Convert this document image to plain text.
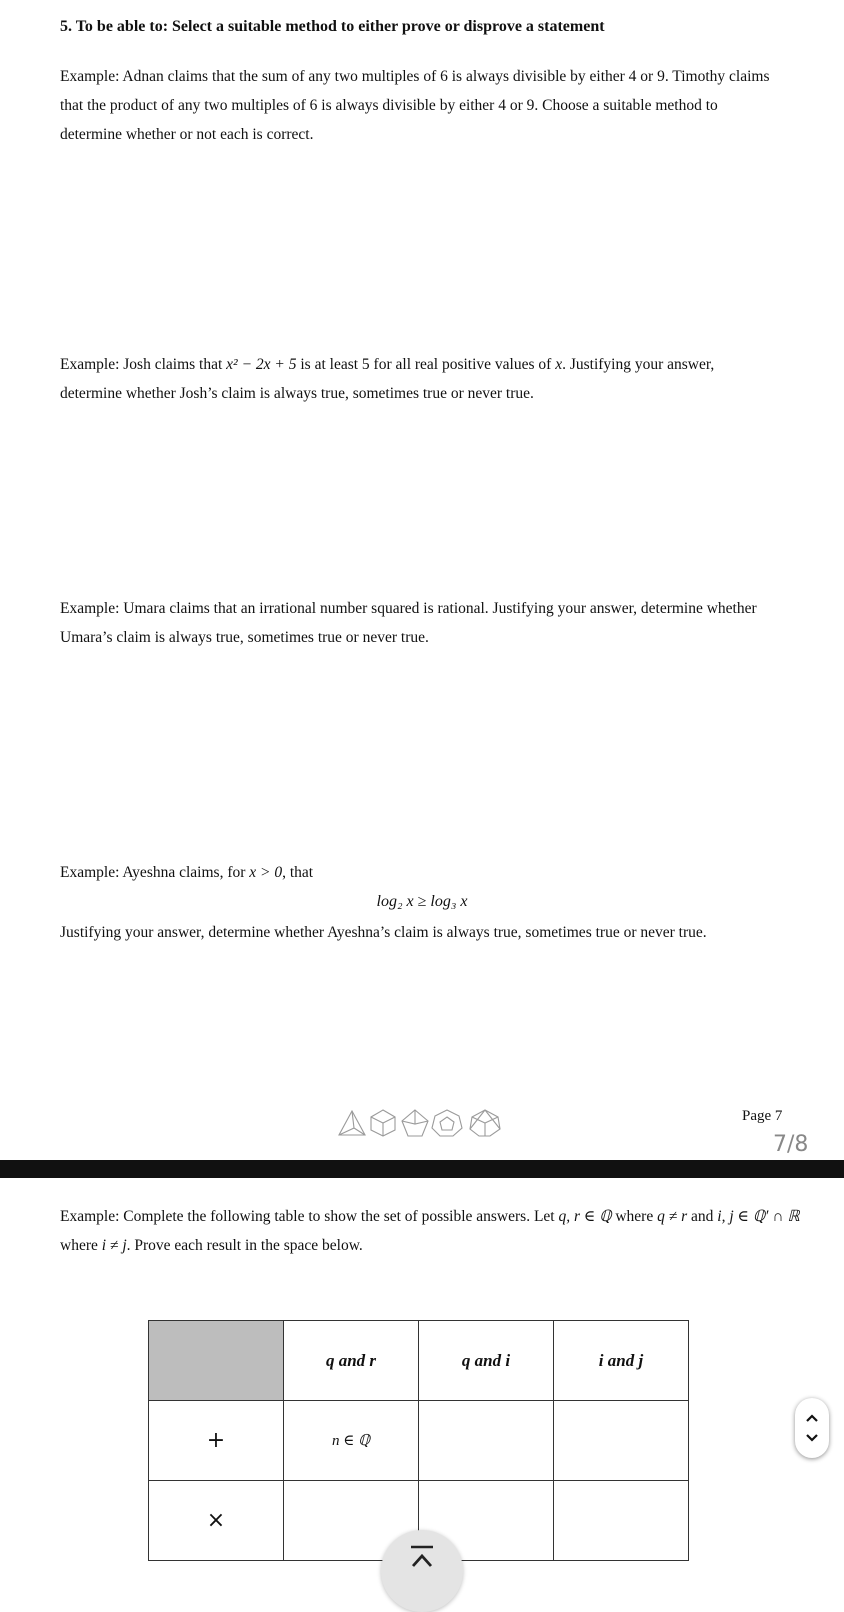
5. To be able to: Select a suitable method to either prove or disprove a statement
Example: Adnan claims that the sum of any two multiples of 6 is always divisible by either 4 or 9. Timothy claims that the product of any two multiples of 6 is always divisible by either 4 or 9. Choose a suitable method to determine whether or not each is correct.
Example: Josh claims that x² − 2x + 5 is at least 5 for all real positive values of x. Justifying your answer, determine whether Josh’s claim is always true, sometimes true or never true.
Example: Umara claims that an irrational number squared is rational. Justifying your answer, determine whether Umara’s claim is always true, sometimes true or never true.
Example: Ayeshna claims, for x > 0, that
log₂ x ≥ log₃ x
Justifying your answer, determine whether Ayeshna’s claim is always true, sometimes true or never true.
Page 7
7/8
Example: Complete the following table to show the set of possible answers. Let q, r ∈ ℚ where q ≠ r and i, j ∈ ℚ′ ∩ ℝ where i ≠ j. Prove each result in the space below.
	q and r	q and i	i and j
+	n ∈ ℚ		
×			
